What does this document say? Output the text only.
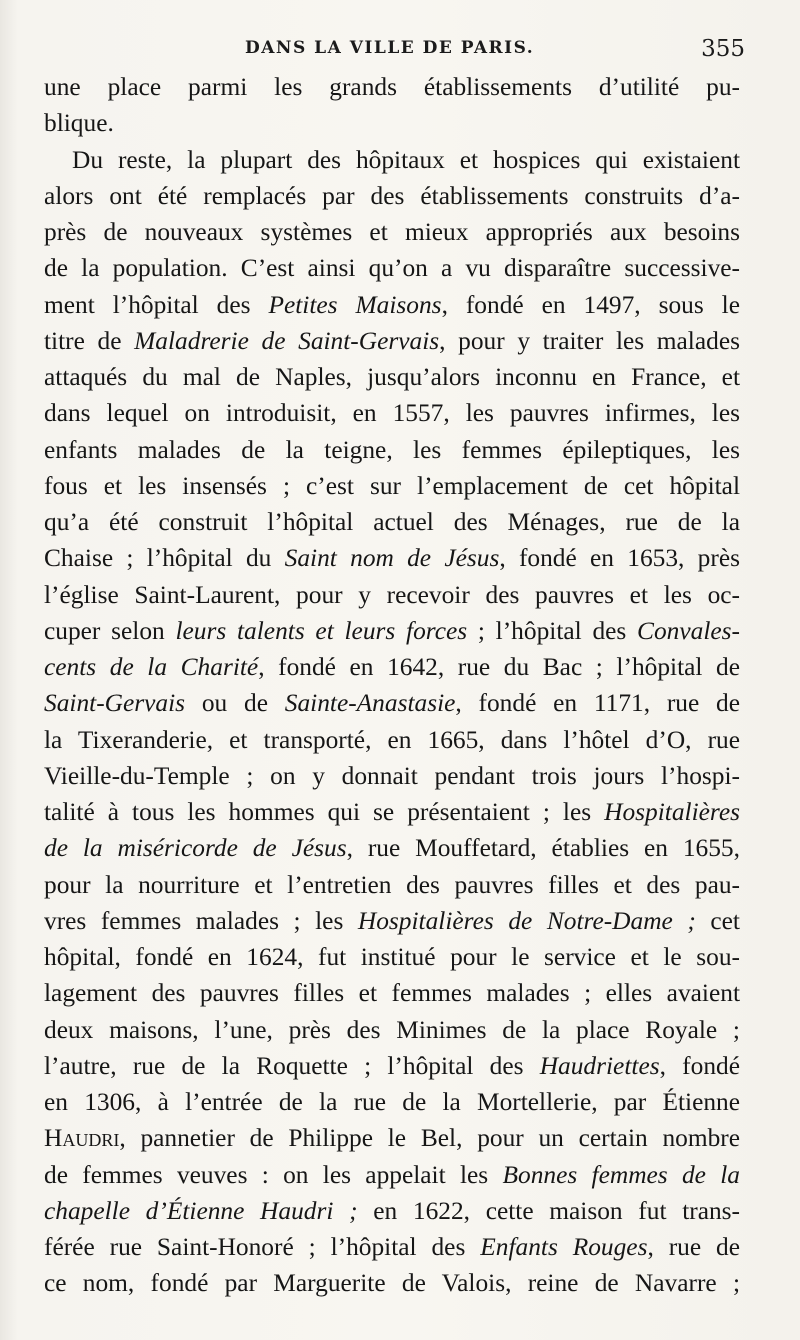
DANS LA VILLE DE PARIS.	355
une place parmi les grands établissements d’utilité pu-
blique.
Du reste, la plupart des hôpitaux et hospices qui existaient
alors ont été remplacés par des établissements construits d’a-
près de nouveaux systèmes et mieux appropriés aux besoins
de la population. C’est ainsi qu’on a vu disparaître successive-
ment l’hôpital des Petites Maisons, fondé en 1497, sous le
titre de Maladrerie de Saint-Gervais, pour y traiter les malades
attaqués du mal de Naples, jusqu’alors inconnu en France, et
dans lequel on introduisit, en 1557, les pauvres infirmes, les
enfants malades de la teigne, les femmes épileptiques, les
fous et les insensés ; c’est sur l’emplacement de cet hôpital
qu’a été construit l’hôpital actuel des Ménages, rue de la
Chaise ; l’hôpital du Saint nom de Jésus, fondé en 1653, près
l’église Saint-Laurent, pour y recevoir des pauvres et les oc-
cuper selon leurs talents et leurs forces ; l’hôpital des Convales-
cents de la Charité, fondé en 1642, rue du Bac ; l’hôpital de
Saint-Gervais ou de Sainte-Anastasie, fondé en 1171, rue de
la Tixeranderie, et transporté, en 1665, dans l’hôtel d’O, rue
Vieille-du-Temple ; on y donnait pendant trois jours l’hospi-
talité à tous les hommes qui se présentaient ; les Hospitalières
de la miséricorde de Jésus, rue Mouffetard, établies en 1655,
pour la nourriture et l’entretien des pauvres filles et des pau-
vres femmes malades ; les Hospitalières de Notre-Dame ; cet
hôpital, fondé en 1624, fut institué pour le service et le sou-
lagement des pauvres filles et femmes malades ; elles avaient
deux maisons, l’une, près des Minimes de la place Royale ;
l’autre, rue de la Roquette ; l’hôpital des Haudriettes, fondé
en 1306, à l’entrée de la rue de la Mortellerie, par Étienne
Haudri, pannetier de Philippe le Bel, pour un certain nombre
de femmes veuves : on les appelait les Bonnes femmes de la
chapelle d’Étienne Haudri ; en 1622, cette maison fut trans-
férée rue Saint-Honoré ; l’hôpital des Enfants Rouges, rue de
ce nom, fondé par Marguerite de Valois, reine de Navarre ;
